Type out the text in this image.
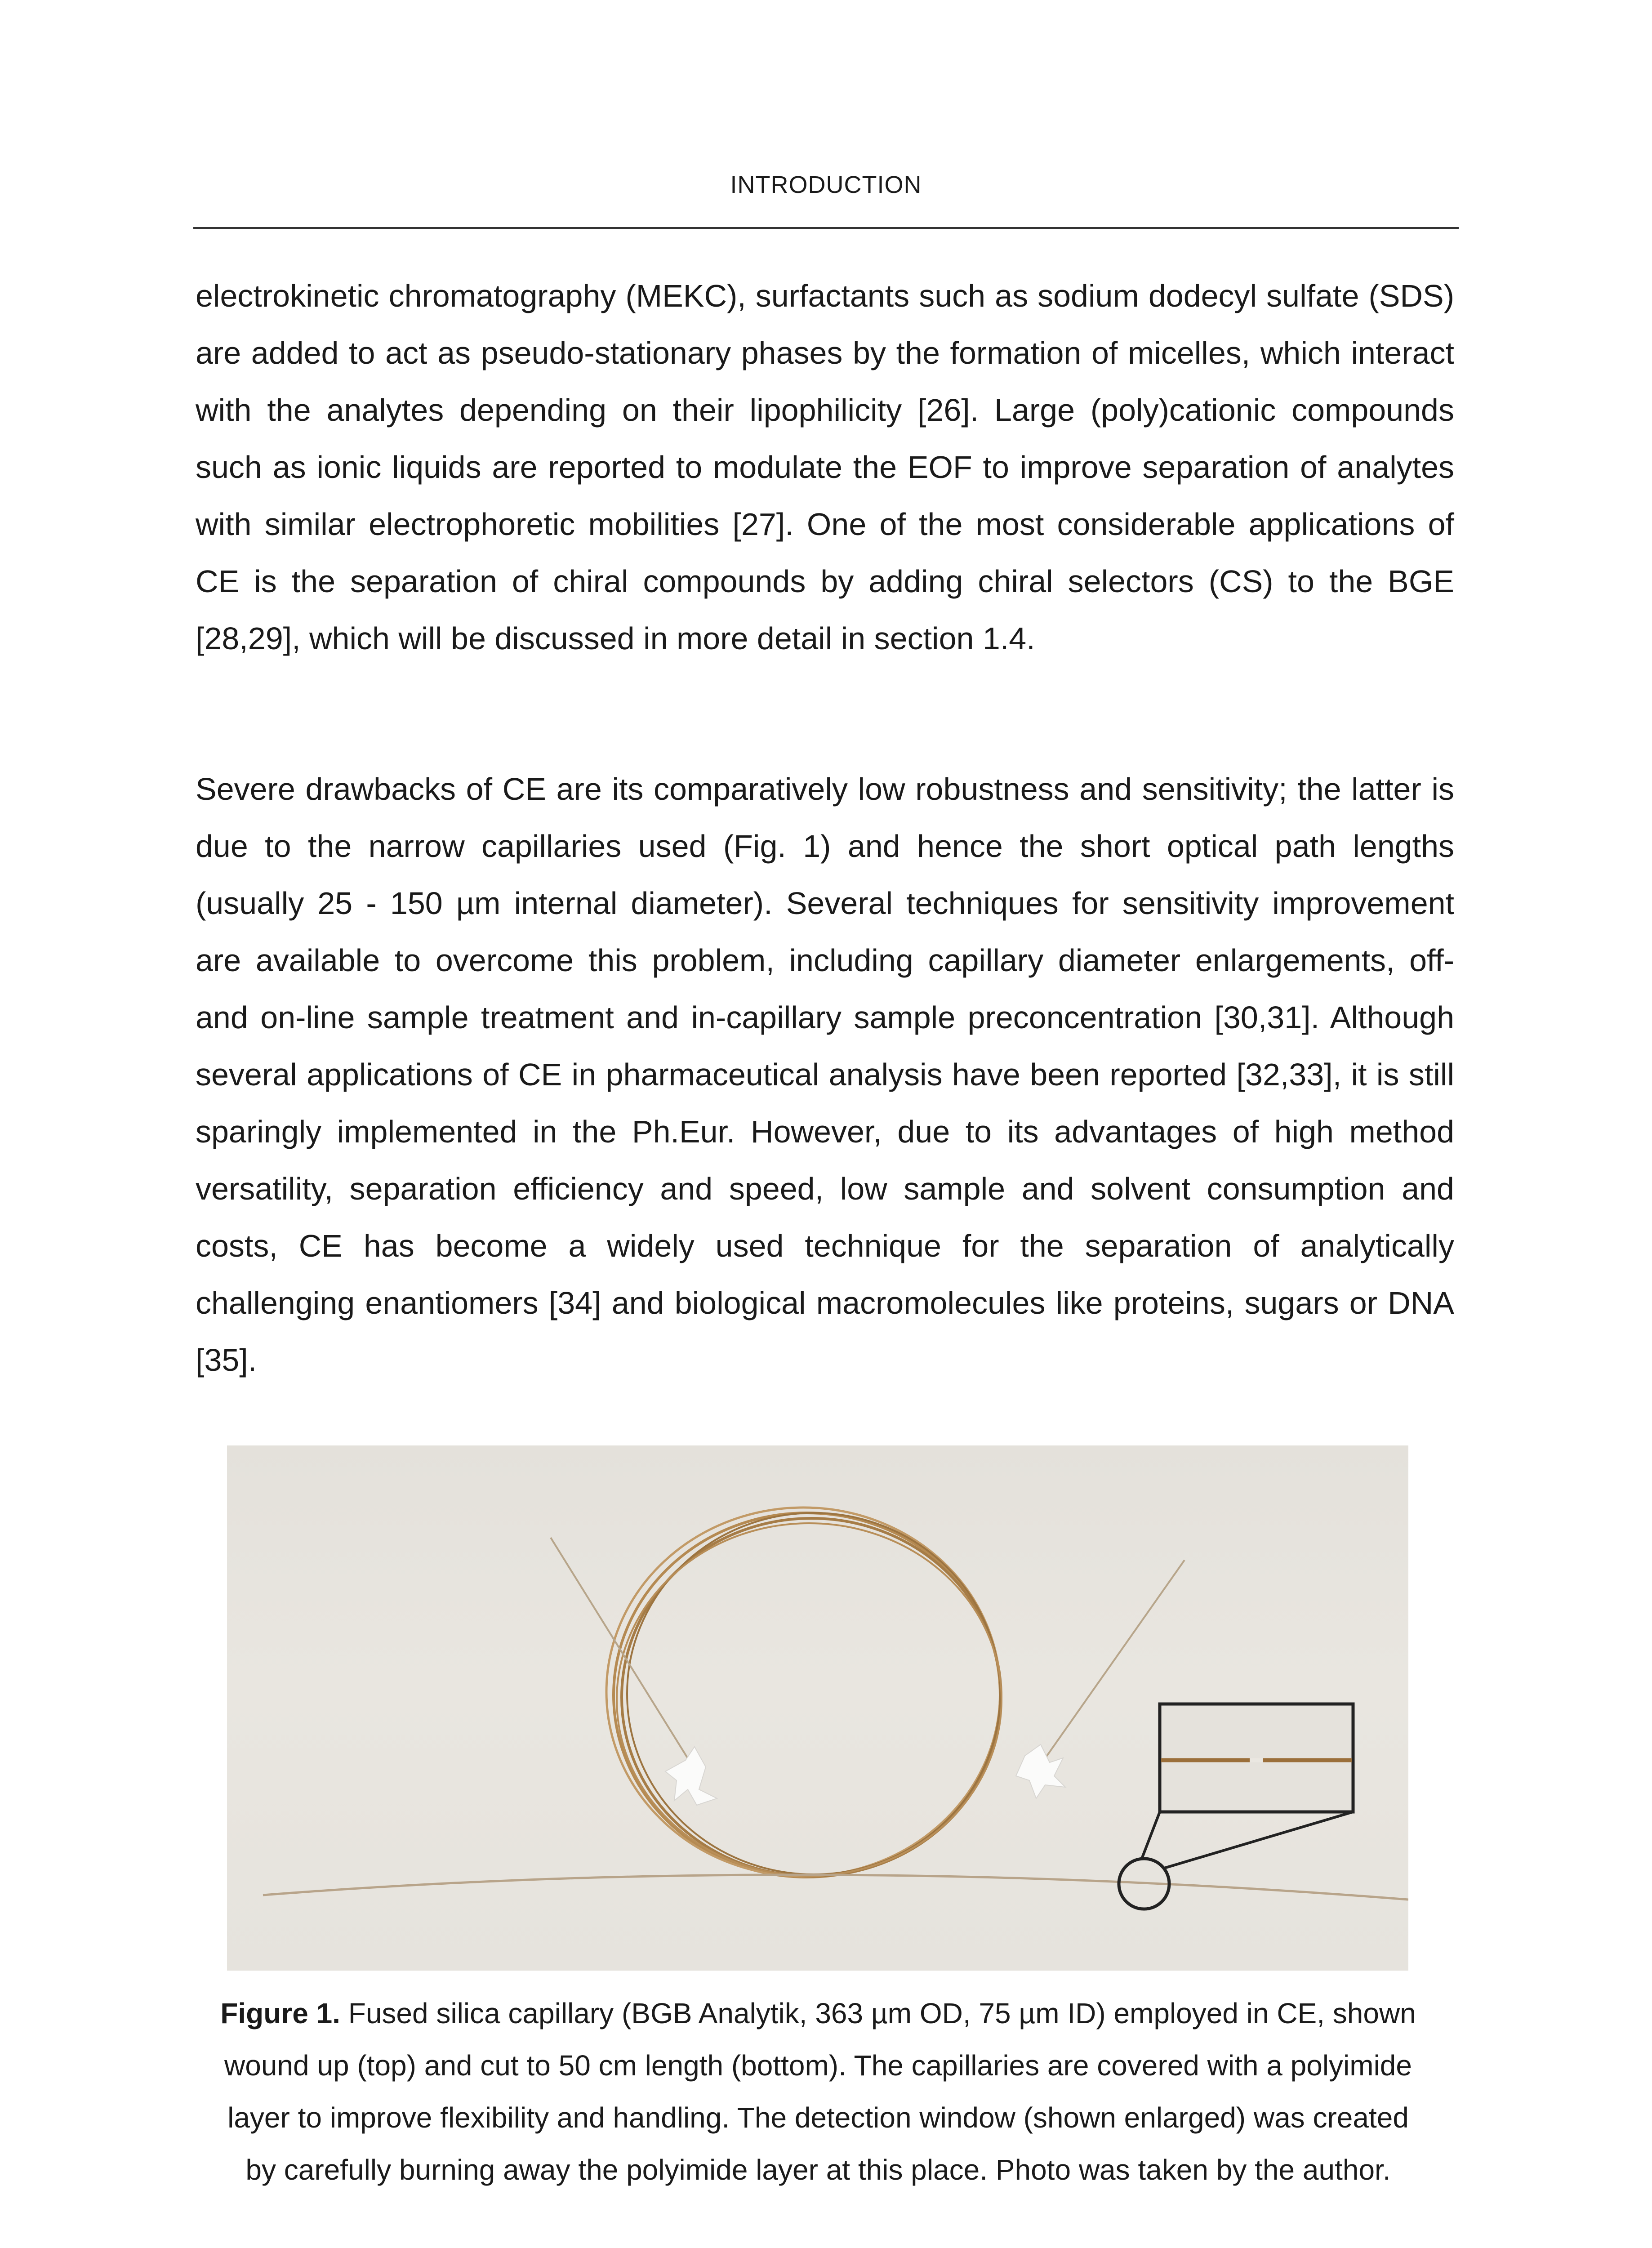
INTRODUCTION

electrokinetic chromatography (MEKC), surfactants such as sodium dodecyl sulfate (SDS) are added to act as pseudo-stationary phases by the formation of micelles, which interact with the analytes depending on their lipophilicity [26]. Large (poly)cationic compounds such as ionic liquids are reported to modulate the EOF to improve separation of analytes with similar electrophoretic mobilities [27]. One of the most considerable applications of CE is the separation of chiral compounds by adding chiral selectors (CS) to the BGE [28,29], which will be discussed in more detail in section 1.4.

Severe drawbacks of CE are its comparatively low robustness and sensitivity; the latter is due to the narrow capillaries used (Fig. 1) and hence the short optical path lengths (usually 25 - 150 µm internal diameter). Several techniques for sensitivity improvement are available to overcome this problem, including capillary diameter enlargements, off- and on-line sample treatment and in-capillary sample preconcentration [30,31]. Although several applications of CE in pharmaceutical analysis have been reported [32,33], it is still sparingly implemented in the Ph.Eur. However, due to its advantages of high method versatility, separation efficiency and speed, low sample and solvent consumption and costs, CE has become a widely used technique for the separation of analytically challenging enantiomers [34] and biological macromolecules like proteins, sugars or DNA [35].

Figure 1. Fused silica capillary (BGB Analytik, 363 µm OD, 75 µm ID) employed in CE, shown wound up (top) and cut to 50 cm length (bottom). The capillaries are covered with a polyimide layer to improve flexibility and handling. The detection window (shown enlarged) was created by carefully burning away the polyimide layer at this place. Photo was taken by the author.
